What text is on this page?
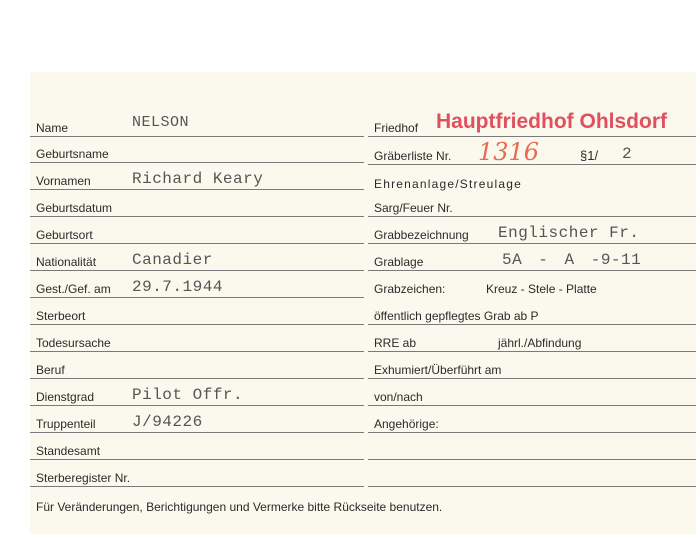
Name	NELSON
Geburtsname
Vornamen	Richard Keary
Geburtsdatum
Geburtsort
Nationalität Canadier
Gest./Gef. am 29.7.1944
Sterbeort
Todesursache
Beruf
Dienstgrad Pilot Offr.
Truppenteil J/94226
Standesamt
Sterberegister Nr.
Friedhof Hauptfriedhof Ohlsdorf
Gräberliste Nr. 1316	§1/ 2
Ehrenanlage/Streulage
Sarg/Feuer Nr.
Grabbezeichnung Englischer Fr.
Grablage	5A - A -9-11
Grabzeichen:	Kreuz - Stele - Platte
öffentlich gepflegtes Grab ab P
RRE ab	jährl./Abfindung
Exhumiert/Überführt am
von/nach
Angehörige:
Für Veränderungen, Berichtigungen und Vermerke bitte Rückseite benutzen.
